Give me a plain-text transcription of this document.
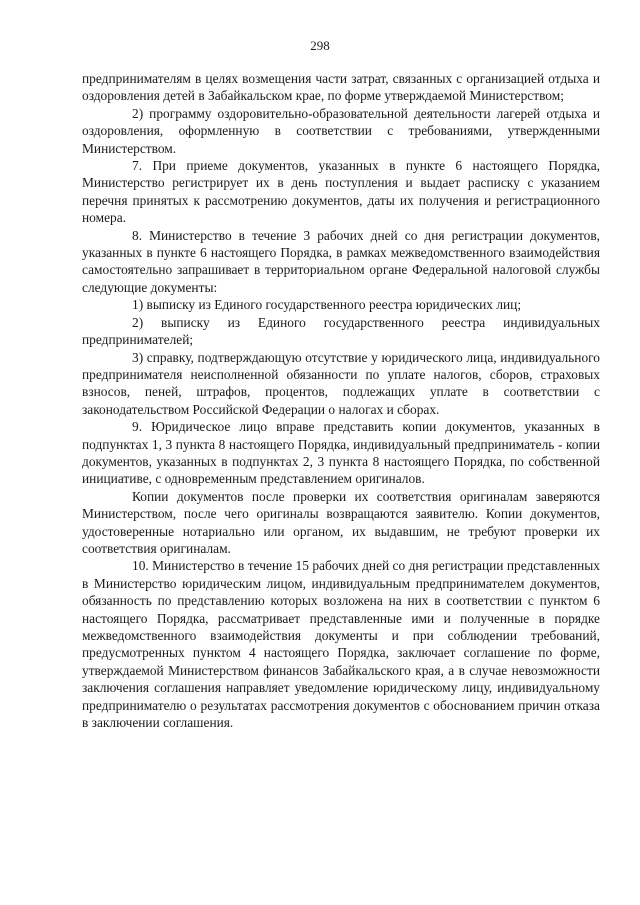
298

предпринимателям в целях возмещения части затрат, связанных с организацией отдыха и оздоровления детей в Забайкальском крае, по форме утверждаемой Министерством;

2) программу оздоровительно-образовательной деятельности лагерей отдыха и оздоровления, оформленную в соответствии с требованиями, утвержденными Министерством.

7. При приеме документов, указанных в пункте 6 настоящего Порядка, Министерство регистрирует их в день поступления и выдает расписку с указанием перечня принятых к рассмотрению документов, даты их получения и регистрационного номера.

8. Министерство в течение 3 рабочих дней со дня регистрации документов, указанных в пункте 6 настоящего Порядка, в рамках межведомственного взаимодействия самостоятельно запрашивает в территориальном органе Федеральной налоговой службы следующие документы:

1) выписку из Единого государственного реестра юридических лиц;

2) выписку из Единого государственного реестра индивидуальных предпринимателей;

3) справку, подтверждающую отсутствие у юридического лица, индивидуального предпринимателя неисполненной обязанности по уплате налогов, сборов, страховых взносов, пеней, штрафов, процентов, подлежащих уплате в соответствии с законодательством Российской Федерации о налогах и сборах.

9. Юридическое лицо вправе представить копии документов, указанных в подпунктах 1, 3 пункта 8 настоящего Порядка, индивидуальный предприниматель - копии документов, указанных в подпунктах 2, 3 пункта 8 настоящего Порядка, по собственной инициативе, с одновременным представлением оригиналов.

Копии документов после проверки их соответствия оригиналам заверяются Министерством, после чего оригиналы возвращаются заявителю. Копии документов, удостоверенные нотариально или органом, их выдавшим, не требуют проверки их соответствия оригиналам.

10. Министерство в течение 15 рабочих дней со дня регистрации представленных в Министерство юридическим лицом, индивидуальным предпринимателем документов, обязанность по представлению которых возложена на них в соответствии с пунктом 6 настоящего Порядка, рассматривает представленные ими и полученные в порядке межведомственного взаимодействия документы и при соблюдении требований, предусмотренных пунктом 4 настоящего Порядка, заключает соглашение по форме, утверждаемой Министерством финансов Забайкальского края, а в случае невозможности заключения соглашения направляет уведомление юридическому лицу, индивидуальному предпринимателю о результатах рассмотрения документов с обоснованием причин отказа в заключении соглашения.
